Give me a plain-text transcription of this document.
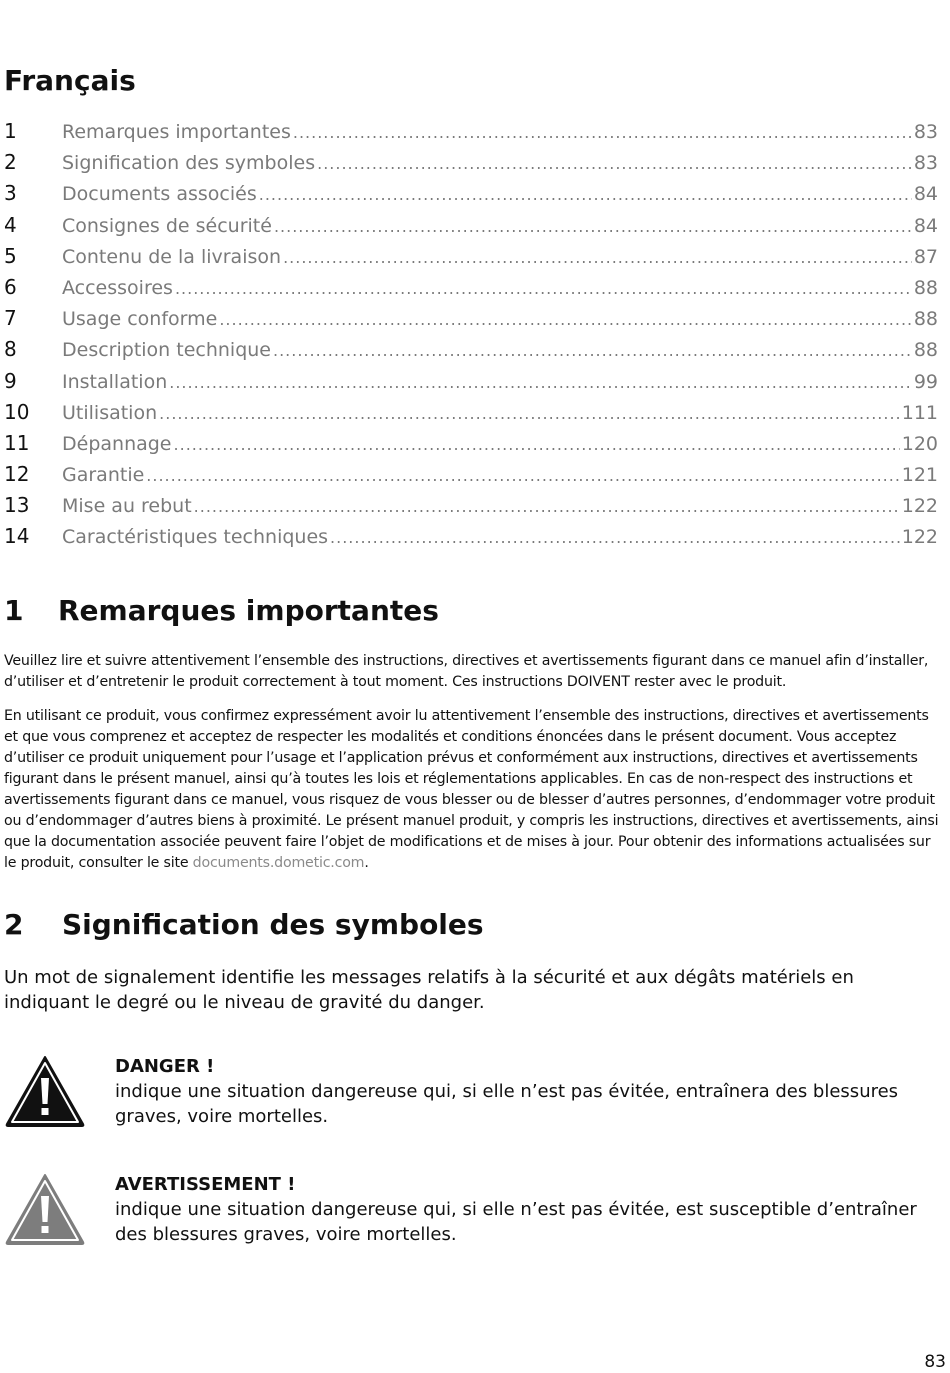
Français
1	Remarques importantes .....	83
2	Signification des symboles .....	83
3	Documents associés .....	84
4	Consignes de sécurité .....	84
5	Contenu de la livraison .....	87
6	Accessoires .....	88
7	Usage conforme .....	88
8	Description technique .....	88
9	Installation .....	99
10	Utilisation .....	111
11	Dépannage .....	120
12	Garantie .....	121
13	Mise au rebut .....	122
14	Caractéristiques techniques .....	122
1	Remarques importantes

Veuillez lire et suivre attentivement l’ensemble des instructions, directives et avertissements figurant dans ce manuel afin d’installer, d’utiliser et d’entretenir le produit correctement à tout moment. Ces instructions DOIVENT rester avec le produit.

En utilisant ce produit, vous confirmez expressément avoir lu attentivement l’ensemble des instructions, directives et avertissements et que vous comprenez et acceptez de respecter les modalités et conditions énoncées dans le présent document. Vous acceptez d’utiliser ce produit uniquement pour l’usage et l’application prévus et conformément aux instructions, directives et avertissements figurant dans le présent manuel, ainsi qu’à toutes les lois et réglementations applicables. En cas de non-respect des instructions et avertissements figurant dans ce manuel, vous risquez de vous blesser ou de blesser d’autres personnes, d’endommager votre produit ou d’endommager d’autres biens à proximité. Le présent manuel produit, y compris les instructions, directives et avertissements, ainsi que la documentation associée peuvent faire l’objet de modifications et de mises à jour. Pour obtenir des informations actualisées sur le produit, consulter le site documents.dometic.com.

2	Signification des symboles

Un mot de signalement identifie les messages relatifs à la sécurité et aux dégâts matériels en indiquant le degré ou le niveau de gravité du danger.

DANGER !
indique une situation dangereuse qui, si elle n’est pas évitée, entraînera des blessures graves, voire mortelles.
AVERTISSEMENT !
indique une situation dangereuse qui, si elle n’est pas évitée, est susceptible d’entraîner des blessures graves, voire mortelles.
83
